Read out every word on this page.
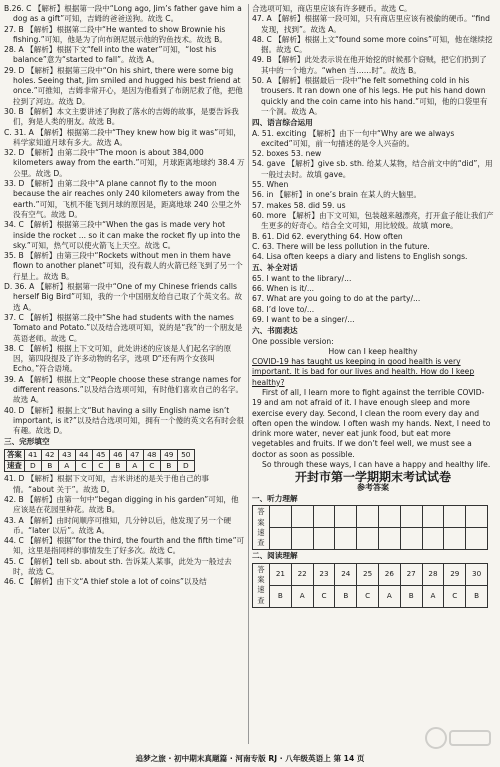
B.26. C 【解析】根据第一段中“Long ago, Jim’s father gave him a dog as a gift”可知，吉姆的爸爸送狗。故选 C。

27. B 【解析】根据第二段中“He wanted to show Brownie his fishing.”可知，他是为了向布朗尼展示他的钓鱼技术。故选 B。

28. A 【解析】根据下文“fell into the water”可知，“lost his balance”意为“started to fall”。故选 A。

29. D 【解析】根据第三段中“On his shirt, there were some big holes. Seeing that, Jim smiled and hugged his best friend at once.”可推知，吉姆非常开心，是因为他看到了布朗尼救了他，把他拉到了河边。故选 D。

30. B 【解析】本文主要讲述了狗救了落水的吉姆的故事，是要告诉我们，狗是人类的朋友。故选 B。

C. 31. A 【解析】根据第二段中“They knew how big it was”可知，科学家知道月球有多大。故选 A。

32. D 【解析】由第二段中“The moon is about 384,000 kilometers away from the earth.”可知，月球距离地球约 38.4 万公里。故选 D。

33. D 【解析】由第二段中“A plane cannot fly to the moon because the air reaches only 240 kilometers away from the earth.”可知，飞机不能飞到月球的原因是，距离地球 240 公里之外没有空气。故选 D。

34. C 【解析】根据第三段中“When the gas is made very hot inside the rocket ... so it can make the rocket fly up into the sky.”可知，热气可以使火箭飞上天空。故选 C。

35. B 【解析】由第三段中“Rockets without men in them have flown to another planet”可知，没有载人的火箭已经飞到了另一个行星上。故选 B。

D. 36. A 【解析】根据第一段中“One of my Chinese friends calls herself Big Bird”可知，我的一个中国朋友给自己取了个英文名。故选 A。

37. C 【解析】根据第二段中“She had students with the names Tomato and Potato.”以及结合选项可知，说的是“我”的一个朋友是英语老师。故选 C。

38. C 【解析】根据上下文可知，此处讲述的应该是人们起名字的原因，第四段提及了许多动物的名字，选项 D“还有两个女孩叫 Echo。”符合语境。

39. A 【解析】根据上文“People choose these strange names for different reasons.”以及结合选项可知，有时他们喜欢自己的名字。故选 A。

40. D 【解析】根据上文“But having a silly English name isn’t important, is it?”以及结合选项可知，拥有一个傻的英文名有时会很有趣。故选 D。

三、完形填空

答案	41	42	43	44	45	46	47	48	49	50
速查	D	B	A	C	C	B	A	C	B	D

41. D 【解析】根据下文可知，吉米讲述的是关于他自己的事情。“about 关于”。故选 D。

42. B 【解析】由第一句中“began digging in his garden”可知，他应该是在花园里种花。故选 B。

43. A 【解析】由时间顺序可推知，几分钟以后，他发现了另一个硬币。“later 以后”。故选 A。

44. C 【解析】根据“for the third, the fourth and the fifth time”可知，这里是指同样的事情发生了好多次。故选 C。

45. C 【解析】tell sb. about sth. 告诉某人某事，此处为一般过去时，故选 C。

46. C 【解析】由下文“A thief stole a lot of coins”以及结

合选项可知，商店里应该有许多硬币。故选 C。

47. A 【解析】根据第一段可知，只有商店里应该有被偷的硬币。“find 发现，找到”。故选 A。

48. C 【解析】根据上文“found some more coins”可知，他在继续挖掘。故选 C。

49. B 【解析】此处表示说在他开始挖的时候那个窃贼，把它们扔到了其中的一个地方。“when 当……时”。故选 B。

50. A 【解析】根据最后一段中“he felt something cold in his trousers. It ran down one of his legs. He put his hand down quickly and the coin came into his hand.”可知，他的口袋里有一个洞。故选 A。

四、语言综合运用

A. 51. exciting 【解析】由下一句中“Why are we always excited”可知，前一句描述的是令人兴奋的。

52. boxes 53. new

54. gave 【解析】give sb. sth. 给某人某物，结合前文中的“did”，用一般过去时。故填 gave。

55. When

56. in 【解析】in one’s brain 在某人的大脑里。

57. makes 58. did 59. us

60. more 【解析】由下文可知，包装越来越漂亮，打开盒子能让我们产生更多的好奇心。结合全文可知，用比较级。故填 more。

B. 61. Did 62. everything 64. How often

C. 63. There will be less pollution in the future.

64. Lisa often keeps a diary and listens to English songs.

五、补全对话

65. I want to the library/...

66. When is it/...

67. What are you going to do at the party/...

68. I’d love to/...

69. I want to be a singer/...

六、书面表达

One possible version:

How can I keep healthy

COVID-19 has taught us keeping in good health is very important. It is bad for our lives and health. How do I keep healthy?

First of all, I learn more to fight against the terrible COVID-19 and am not afraid of it. I have enough sleep and more exercise every day. Second, I clean the room every day and often open the window. I often wash my hands. Next, I need to drink more water, never eat junk food, but eat more vegetables and fruits. If we don’t feel well, we must see a doctor as soon as possible.

So through these ways, I can have a happy and healthy life.

开封市第一学期期末考试试卷

参考答案

一、听力理解

答案速查										

二、阅读理解

答案速查	21	22	23	24	25	26	27	28	29	30
	B	A	C	B	C	A	B	A	C	B
追梦之旅 · 初中期末真题篇 · 河南专版 RJ · 八年级英语上 第 14 页
